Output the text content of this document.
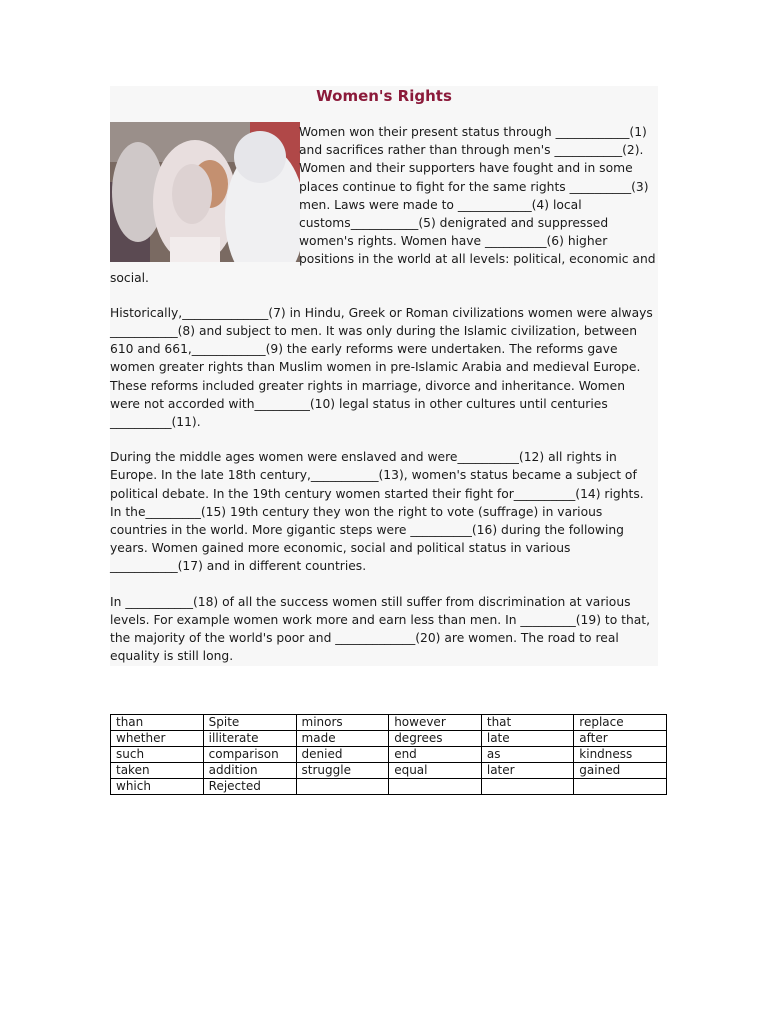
Women's Rights

Women won their present status through ____________(1) and sacrifices rather than through men's ___________(2). Women and their supporters have fought and in some places continue to fight for the same rights __________(3) men. Laws were made to ____________(4) local customs___________(5) denigrated and suppressed women's rights. Women have __________(6) higher positions in the world at all levels: political, economic and social.

Historically,______________(7) in Hindu, Greek or Roman civilizations women were always ___________(8) and subject to men. It was only during the Islamic civilization, between 610 and 661,____________(9) the early reforms were undertaken. The reforms gave women greater rights than Muslim women in pre-Islamic Arabia and medieval Europe. These reforms included greater rights in marriage, divorce and inheritance. Women were not accorded with_________(10) legal status in other cultures until centuries __________(11).

During the middle ages women were enslaved and were__________(12) all rights in Europe. In the late 18th century,___________(13), women's status became a subject of political debate. In the 19th century women started their fight for__________(14) rights. In the_________(15) 19th century they won the right to vote (suffrage) in various countries in the world. More gigantic steps were __________(16) during the following years. Women gained more economic, social and political status in various ___________(17) and in different countries.

In ___________(18) of all the success women still suffer from discrimination at various levels. For example women work more and earn less than men. In _________(19) to that, the majority of the world's poor and _____________(20) are women. The road to real equality is still long.

than	Spite	minors	however	that	replace
whether	illiterate	made	degrees	late	after
such	comparison	denied	end	as	kindness
taken	addition	struggle	equal	later	gained
which	Rejected				
